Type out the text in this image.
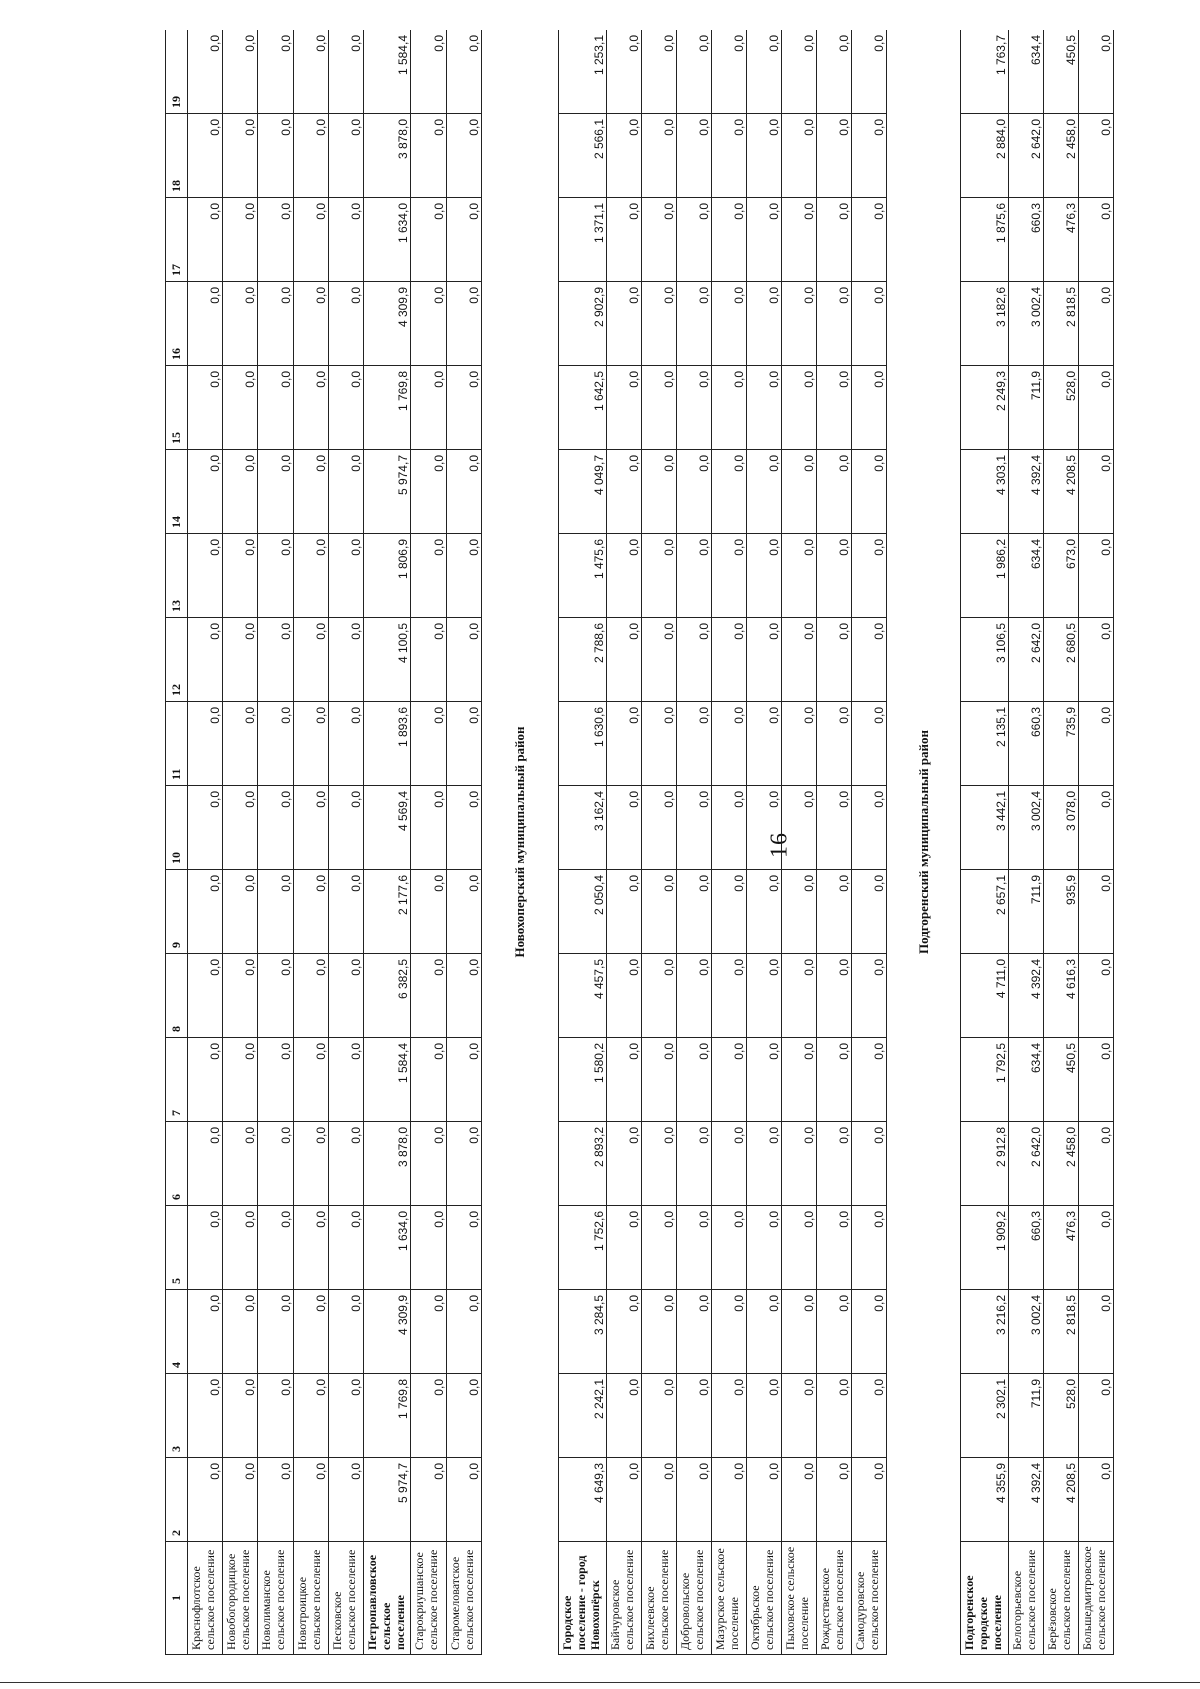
16
1	2	3	4	5	6	7	8	9	10	11	12	13	14	15	16	17	18	19
Краснофлотское сельское поселение	0,0	0,0	0,0	0,0	0,0	0,0	0,0	0,0	0,0	0,0	0,0	0,0	0,0	0,0	0,0	0,0	0,0	0,0
Новобогородицкое сельское поселение	0,0	0,0	0,0	0,0	0,0	0,0	0,0	0,0	0,0	0,0	0,0	0,0	0,0	0,0	0,0	0,0	0,0	0,0
Новолиманское сельское поселение	0,0	0,0	0,0	0,0	0,0	0,0	0,0	0,0	0,0	0,0	0,0	0,0	0,0	0,0	0,0	0,0	0,0	0,0
Новотроицкое сельское поселение	0,0	0,0	0,0	0,0	0,0	0,0	0,0	0,0	0,0	0,0	0,0	0,0	0,0	0,0	0,0	0,0	0,0	0,0
Песковское сельское поселение	0,0	0,0	0,0	0,0	0,0	0,0	0,0	0,0	0,0	0,0	0,0	0,0	0,0	0,0	0,0	0,0	0,0	0,0
Петропавловское сельское поселение	5 974,7	1 769,8	4 309,9	1 634,0	3 878,0	1 584,4	6 382,5	2 177,6	4 569,4	1 893,6	4 100,5	1 806,9	5 974,7	1 769,8	4 309,9	1 634,0	3 878,0	1 584,4
Старокриушанское сельское поселение	0,0	0,0	0,0	0,0	0,0	0,0	0,0	0,0	0,0	0,0	0,0	0,0	0,0	0,0	0,0	0,0	0,0	0,0
Старомеловатское сельское поселение	0,0	0,0	0,0	0,0	0,0	0,0	0,0	0,0	0,0	0,0	0,0	0,0	0,0	0,0	0,0	0,0	0,0	0,0
Новохоперский муниципальный район																		
Городское поселение - город Новохопёрск	4 649,3	2 242,1	3 284,5	1 752,6	2 893,2	1 580,2	4 457,5	2 050,4	3 162,4	1 630,6	2 788,6	1 475,6	4 049,7	1 642,5	2 902,9	1 371,1	2 566,1	1 253,1
Байчуровское сельское поселение	0,0	0,0	0,0	0,0	0,0	0,0	0,0	0,0	0,0	0,0	0,0	0,0	0,0	0,0	0,0	0,0	0,0	0,0
Бихлеевское сельское поселение	0,0	0,0	0,0	0,0	0,0	0,0	0,0	0,0	0,0	0,0	0,0	0,0	0,0	0,0	0,0	0,0	0,0	0,0
Добровольское сельское поселение	0,0	0,0	0,0	0,0	0,0	0,0	0,0	0,0	0,0	0,0	0,0	0,0	0,0	0,0	0,0	0,0	0,0	0,0
Мазурское сельское поселение	0,0	0,0	0,0	0,0	0,0	0,0	0,0	0,0	0,0	0,0	0,0	0,0	0,0	0,0	0,0	0,0	0,0	0,0
Октябрьское сельское поселение	0,0	0,0	0,0	0,0	0,0	0,0	0,0	0,0	0,0	0,0	0,0	0,0	0,0	0,0	0,0	0,0	0,0	0,0
Пыховское сельское поселение	0,0	0,0	0,0	0,0	0,0	0,0	0,0	0,0	0,0	0,0	0,0	0,0	0,0	0,0	0,0	0,0	0,0	0,0
Рождественское сельское поселение	0,0	0,0	0,0	0,0	0,0	0,0	0,0	0,0	0,0	0,0	0,0	0,0	0,0	0,0	0,0	0,0	0,0	0,0
Самодуровское сельское поселение	0,0	0,0	0,0	0,0	0,0	0,0	0,0	0,0	0,0	0,0	0,0	0,0	0,0	0,0	0,0	0,0	0,0	0,0
Подгоренский муниципальный район																		
Подгоренское городское поселение	4 355,9	2 302,1	3 216,2	1 909,2	2 912,8	1 792,5	4 711,0	2 657,1	3 442,1	2 135,1	3 106,5	1 986,2	4 303,1	2 249,3	3 182,6	1 875,6	2 884,0	1 763,7
Белогорьевское сельское поселение	4 392,4	711,9	3 002,4	660,3	2 642,0	634,4	4 392,4	711,9	3 002,4	660,3	2 642,0	634,4	4 392,4	711,9	3 002,4	660,3	2 642,0	634,4
Берёзовское сельское поселение	4 208,5	528,0	2 818,5	476,3	2 458,0	450,5	4 616,3	935,9	3 078,0	735,9	2 680,5	673,0	4 208,5	528,0	2 818,5	476,3	2 458,0	450,5
Большедмитровское сельское поселение	0,0	0,0	0,0	0,0	0,0	0,0	0,0	0,0	0,0	0,0	0,0	0,0	0,0	0,0	0,0	0,0	0,0	0,0
